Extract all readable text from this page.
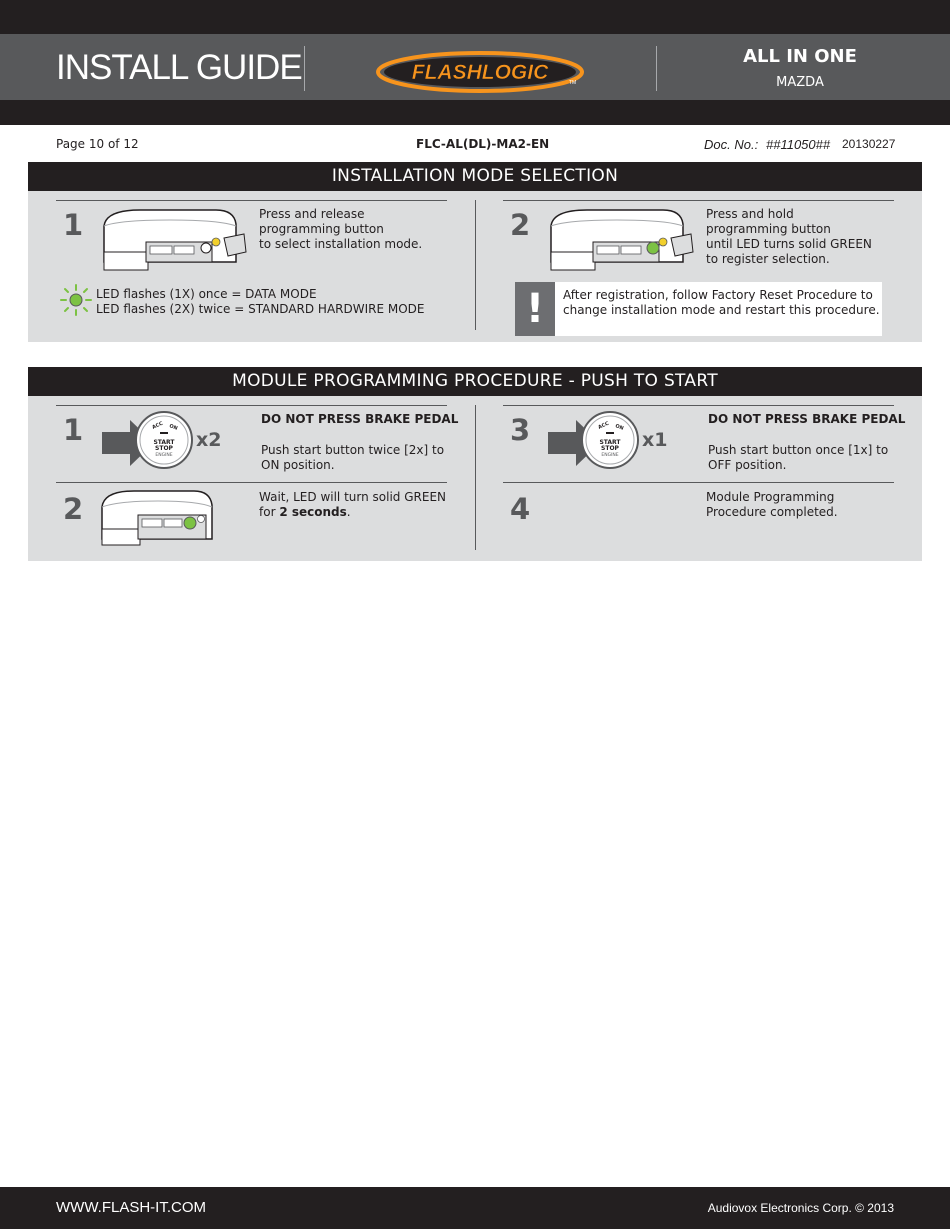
INSTALL GUIDE	FLASHLOGIC	TM
ALL IN ONE
MAZDA
Page 10 of 12	FLC-AL(DL)-MA2-EN	Doc. No.: ##11050## 20130227
INSTALLATION MODE SELECTION
1	Press and release
programming button
to select installation mode.
LED flashes (1X) once = DATA MODE
LED flashes (2X) twice = STANDARD HARDWIRE MODE
2	Press and hold
programming button
until LED turns solid GREEN
to register selection.
!	After registration, follow Factory Reset Procedure to
change installation mode and restart this procedure.
MODULE PROGRAMMING PROCEDURE - PUSH TO START
1	ACC ON
START
STOP
ENGINE
x2
DO NOT PRESS BRAKE PEDAL
Push start button twice [2x] to
ON position.
2	Wait, LED will turn solid GREEN
for 2 seconds.
3	ACC ON
START
STOP
ENGINE
x1
DO NOT PRESS BRAKE PEDAL
Push start button once [1x] to
OFF position.
4	Module Programming
Procedure completed.
WWW.FLASH-IT.COM	Audiovox Electronics Corp. © 2013
